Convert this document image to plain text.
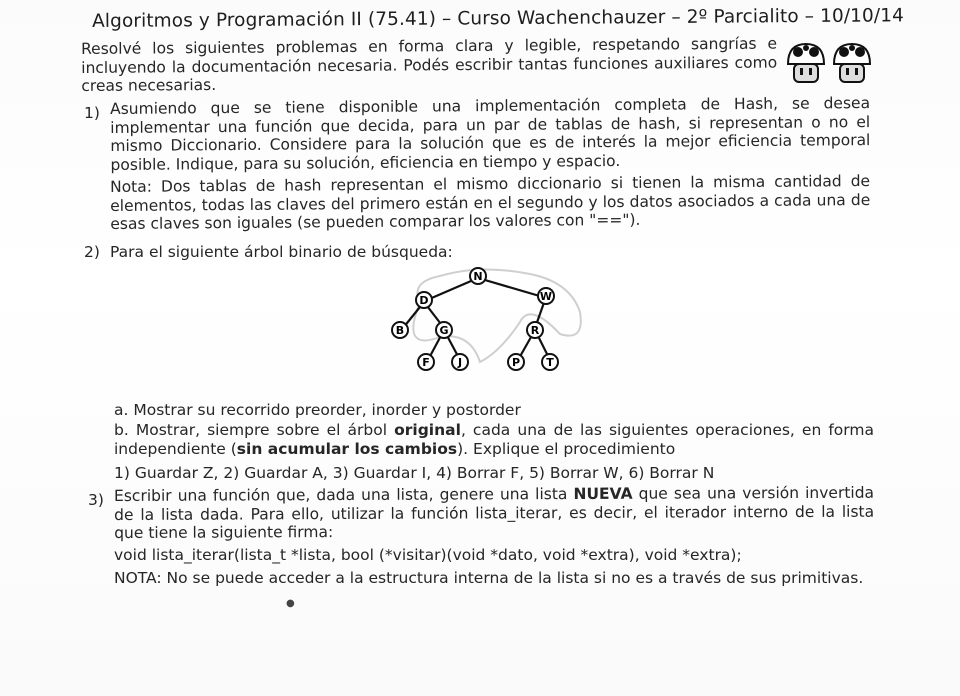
Algoritmos y Programación II (75.41) – Curso Wachenchauzer – 2º Parcialito – 10/10/14

Resolvé los siguientes problemas en forma clara y legible, respetando sangrías e incluyendo la documentación necesaria. Podés escribir tantas funciones auxiliares como creas necesarias.

1) Asumiendo que se tiene disponible una implementación completa de Hash, se desea implementar una función que decida, para un par de tablas de hash, si representan o no el mismo Diccionario. Considere para la solución que es de interés la mejor eficiencia temporal posible. Indique, para su solución, eficiencia en tiempo y espacio.

Nota: Dos tablas de hash representan el mismo diccionario si tienen la misma cantidad de elementos, todas las claves del primero están en el segundo y los datos asociados a cada una de esas claves son iguales (se pueden comparar los valores con "==").

2) Para el siguiente árbol binario de búsqueda:

N
D	W
B	G	R
F	J	P T

a. Mostrar su recorrido preorder, inorder y postorder

b. Mostrar, siempre sobre el árbol original, cada una de las siguientes operaciones, en forma independiente (sin acumular los cambios). Explique el procedimiento

1) Guardar Z, 2) Guardar A, 3) Guardar I, 4) Borrar F, 5) Borrar W, 6) Borrar N

3) Escribir una función que, dada una lista, genere una lista NUEVA que sea una versión invertida de la lista dada. Para ello, utilizar la función lista_iterar, es decir, el iterador interno de la lista que tiene la siguiente firma:

void lista_iterar(lista_t *lista, bool (*visitar)(void *dato, void *extra), void *extra);

NOTA: No se puede acceder a la estructura interna de la lista si no es a través de sus primitivas.

●
